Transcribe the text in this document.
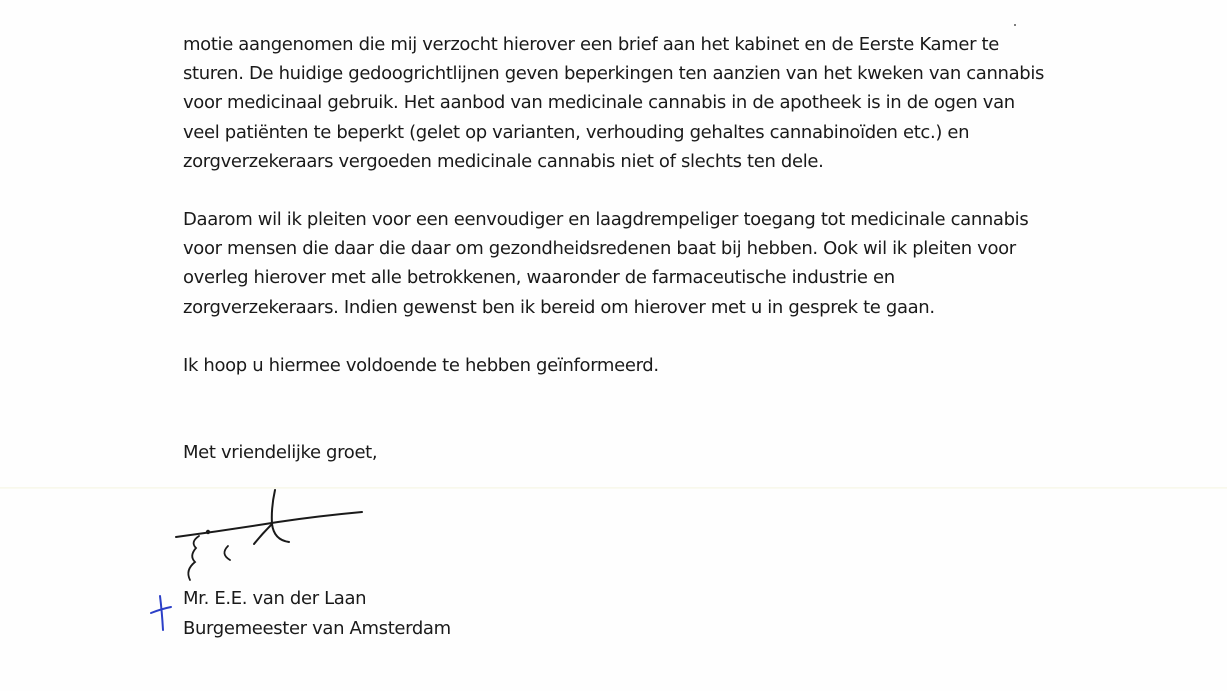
motie aangenomen die mij verzocht hierover een brief aan het kabinet en de Eerste Kamer te
sturen. De huidige gedoogrichtlijnen geven beperkingen ten aanzien van het kweken van cannabis
voor medicinaal gebruik. Het aanbod van medicinale cannabis in de apotheek is in de ogen van
veel patiënten te beperkt (gelet op varianten, verhouding gehaltes cannabinoïden etc.) en
zorgverzekeraars vergoeden medicinale cannabis niet of slechts ten dele.

Daarom wil ik pleiten voor een eenvoudiger en laagdrempeliger toegang tot medicinale cannabis
voor mensen die daar die daar om gezondheidsredenen baat bij hebben. Ook wil ik pleiten voor
overleg hierover met alle betrokkenen, waaronder de farmaceutische industrie en
zorgverzekeraars. Indien gewenst ben ik bereid om hierover met u in gesprek te gaan.

Ik hoop u hiermee voldoende te hebben geïnformeerd.

Met vriendelijke groet,

Mr. E.E. van der Laan
Burgemeester van Amsterdam
